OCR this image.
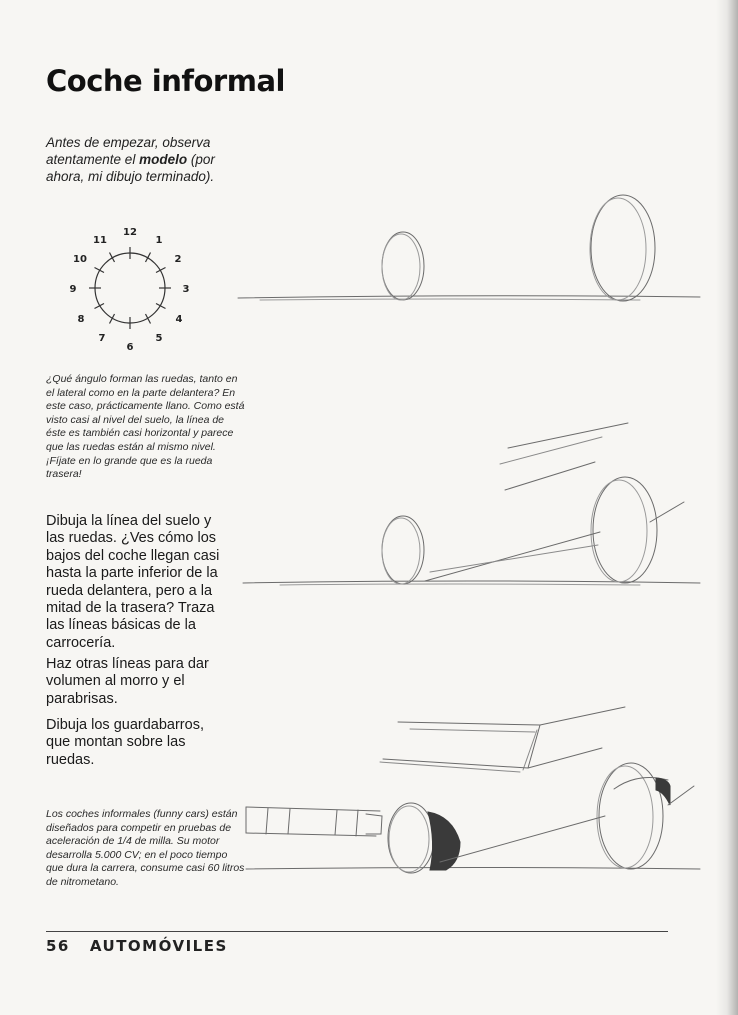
Coche informal

Antes de empezar, observa atentamente el modelo (por ahora, mi dibujo terminado).

12
1
2
3
4
5
6
7
8
9
10
11

¿Qué ángulo forman las ruedas, tanto en el lateral como en la parte delantera? En este caso, prácticamente llano. Como está visto casi al nivel del suelo, la línea de éste es también casi horizontal y parece que las ruedas están al mismo nivel. ¡Fíjate en lo grande que es la rueda trasera!

Dibuja la línea del suelo y las ruedas. ¿Ves cómo los bajos del coche llegan casi hasta la parte inferior de la rueda delantera, pero a la mitad de la trasera? Traza las líneas básicas de la carrocería.

Haz otras líneas para dar volumen al morro y el parabrisas.

Dibuja los guardabarros, que montan sobre las ruedas.

Los coches informales (funny cars) están diseñados para competir en pruebas de aceleración de 1/4 de milla. Su motor desarrolla 5.000 CV; en el poco tiempo que dura la carrera, consume casi 60 litros de nitrometano.

56 AUTOMÓVILES
